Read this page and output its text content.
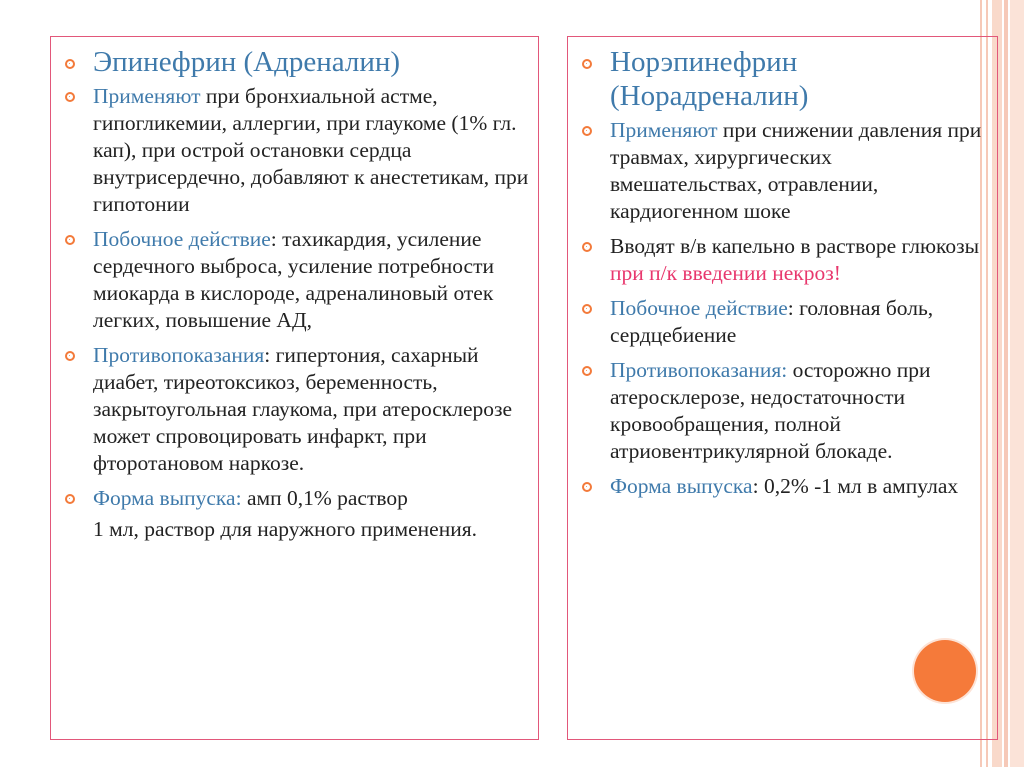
Эпинефрин (Адреналин)
Применяют при бронхиальной астме, гипогликемии, аллергии, при глаукоме (1% гл. кап), при острой остановки сердца внутрисердечно, добавляют к анестетикам, при гипотонии
Побочное действие: тахикардия, усиление сердечного выброса, усиление потребности миокарда в кислороде, адреналиновый отек легких, повышение АД,
Противопоказания: гипертония, сахарный диабет, тиреотоксикоз, беременность, закрытоугольная глаукома, при атеросклерозе может спровоцировать инфаркт, при фторотановом наркозе.
Форма выпуска: амп 0,1% раствор
1 мл, раствор для наружного применения.
Норэпинефрин (Норадреналин)
Применяют при снижении давления при травмах, хирургических вмешательствах, отравлении, кардиогенном шоке
Вводят в/в капельно в растворе глюкозы при п/к введении некроз!
Побочное действие: головная боль, сердцебиение
Противопоказания: осторожно при атеросклерозе, недостаточности кровообращения, полной атриовентрикулярной блокаде.
Форма выпуска: 0,2% -1 мл в ампулах
